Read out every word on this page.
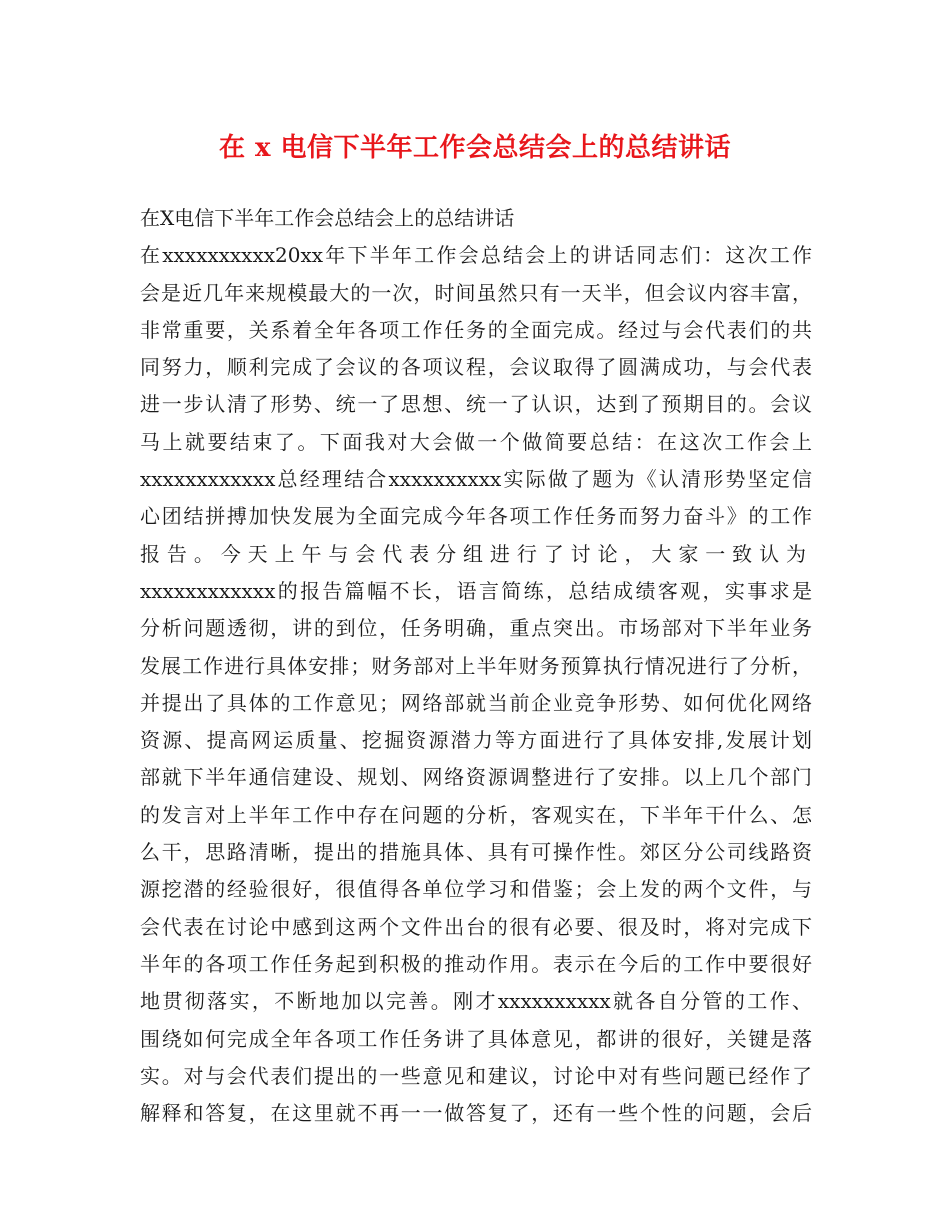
在 x 电信下半年工作会总结会上的总结讲话
在X电信下半年工作会总结会上的总结讲话
在xxxxxxxxxx20xx年下半年工作会总结会上的讲话同志们：这次工作
会是近几年来规模最大的一次，时间虽然只有一天半，但会议内容丰富，
非常重要，关系着全年各项工作任务的全面完成。经过与会代表们的共
同努力，顺利完成了会议的各项议程，会议取得了圆满成功，与会代表
进一步认清了形势、统一了思想、统一了认识，达到了预期目的。会议
马上就要结束了。下面我对大会做一个做简要总结：在这次工作会上
xxxxxxxxxxxx总经理结合xxxxxxxxxx实际做了题为《认清形势坚定信
心团结拼搏加快发展为全面完成今年各项工作任务而努力奋斗》的工作
报告。今天上午与会代表分组进行了讨论，大家一致认为
xxxxxxxxxxxx的报告篇幅不长，语言简练，总结成绩客观，实事求是
分析问题透彻，讲的到位，任务明确，重点突出。市场部对下半年业务
发展工作进行具体安排；财务部对上半年财务预算执行情况进行了分析，
并提出了具体的工作意见；网络部就当前企业竞争形势、如何优化网络
资源、提高网运质量、挖掘资源潜力等方面进行了具体安排,发展计划
部就下半年通信建设、规划、网络资源调整进行了安排。以上几个部门
的发言对上半年工作中存在问题的分析，客观实在，下半年干什么、怎
么干，思路清晰，提出的措施具体、具有可操作性。郊区分公司线路资
源挖潜的经验很好，很值得各单位学习和借鉴；会上发的两个文件，与
会代表在讨论中感到这两个文件出台的很有必要、很及时，将对完成下
半年的各项工作任务起到积极的推动作用。表示在今后的工作中要很好
地贯彻落实，不断地加以完善。刚才xxxxxxxxxx就各自分管的工作、
围绕如何完成全年各项工作任务讲了具体意见，都讲的很好，关键是落
实。对与会代表们提出的一些意见和建议，讨论中对有些问题已经作了
解释和答复，在这里就不再一一做答复了，还有一些个性的问题，会后
